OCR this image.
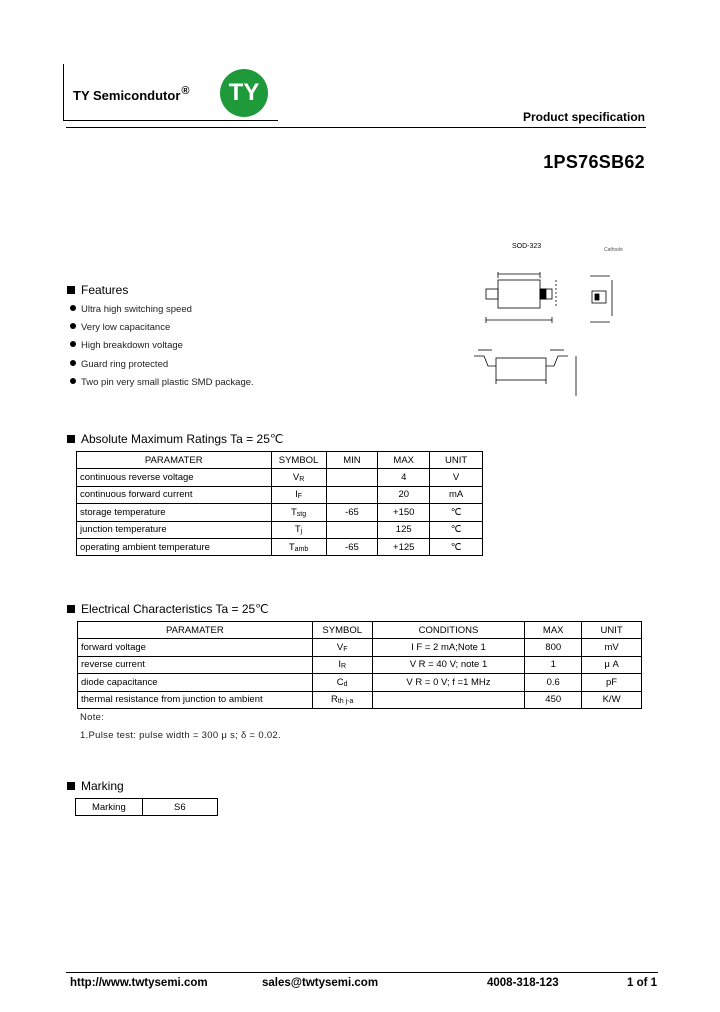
TY Semicondutor®	TY
Product specification
1PS76SB62
SOD-323	Cathode
Features
Ultra high switching speed
Very low capacitance
High breakdown voltage
Guard ring protected
Two pin very small plastic SMD package.
Absolute Maximum Ratings Ta = 25℃
PARAMATER	SYMBOL	MIN	MAX	UNIT
continuous reverse voltage	$V_R$		4	V
continuous forward current	$I_F$		20	mA
storage temperature	$T_{stg}$	-65	+150	℃
junction temperature	$T_j$		125	℃
operating ambient temperature	$T_{amb}$	-65	+125	℃
Electrical Characteristics Ta = 25℃
PARAMATER	SYMBOL	CONDITIONS	MAX	UNIT
forward voltage	$V_F$	I F = 2 mA;Note 1	800	mV
reverse current	$I_R$	V R = 40 V; note 1	1	μ A
diode capacitance	$C_d$	V R = 0 V; f =1 MHz	0.6	pF
thermal resistance from junction to ambient	$R_{th j-a}$		450	K/W
Note:
1.Pulse test: pulse width = 300 μ s; δ = 0.02.
Marking
Marking	S6
http://www.twtysemi.com	sales@twtysemi.com	4008-318-123	1 of 1
